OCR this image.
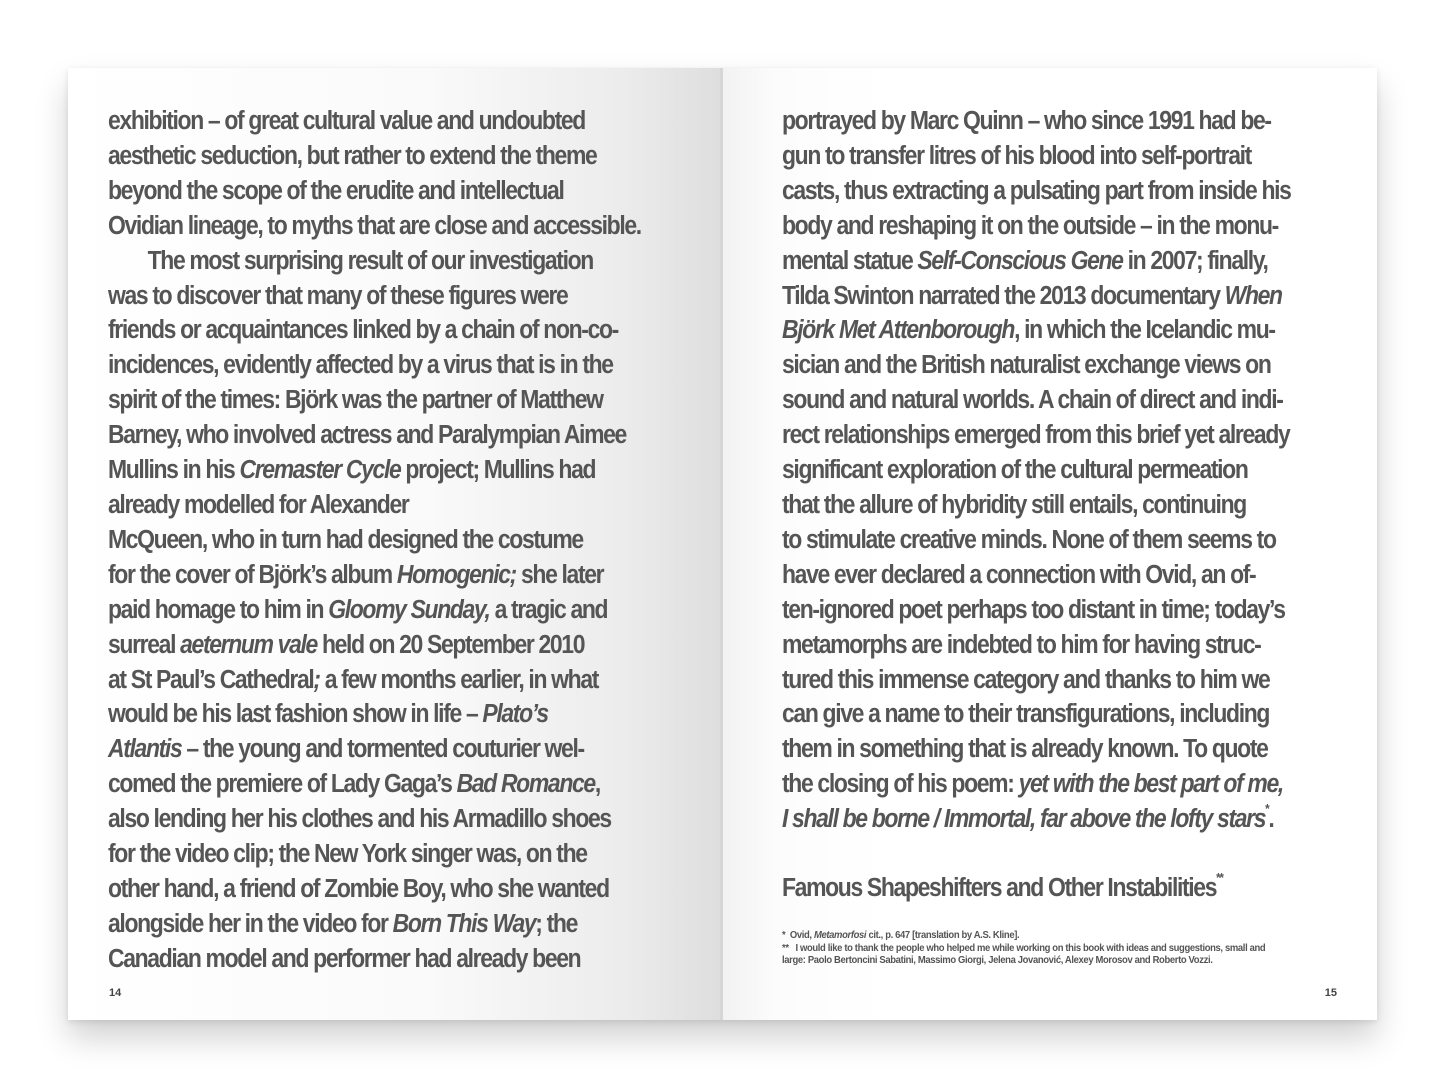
exhibition – of great cultural value and undoubted
aesthetic seduction, but rather to extend the theme
beyond the scope of the erudite and intellectual
Ovidian lineage, to myths that are close and accessible.
The most surprising result of our investigation
was to discover that many of these figures were
friends or acquaintances linked by a chain of non-co-
incidences, evidently affected by a virus that is in the
spirit of the times: Björk was the partner of Matthew
Barney, who involved actress and Paralympian Aimee
Mullins in his Cremaster Cycle project; Mullins had
already modelled for Alexander
McQueen, who in turn had designed the costume
for the cover of Björk’s album Homogenic; she later
paid homage to him in Gloomy Sunday, a tragic and
surreal aeternum vale held on 20 September 2010
at St Paul’s Cathedral; a few months earlier, in what
would be his last fashion show in life – Plato’s
Atlantis – the young and tormented couturier wel-
comed the premiere of Lady Gaga’s Bad Romance,
also lending her his clothes and his Armadillo shoes
for the video clip; the New York singer was, on the
other hand, a friend of Zombie Boy, who she wanted
alongside her in the video for Born This Way; the
Canadian model and performer had already been
14
portrayed by Marc Quinn – who since 1991 had be-
gun to transfer litres of his blood into self-portrait
casts, thus extracting a pulsating part from inside his
body and reshaping it on the outside – in the monu-
mental statue Self-Conscious Gene in 2007; finally,
Tilda Swinton narrated the 2013 documentary When
Björk Met Attenborough, in which the Icelandic mu-
sician and the British naturalist exchange views on
sound and natural worlds. A chain of direct and indi-
rect relationships emerged from this brief yet already
significant exploration of the cultural permeation
that the allure of hybridity still entails, continuing
to stimulate creative minds. None of them seems to
have ever declared a connection with Ovid, an of-
ten-ignored poet perhaps too distant in time; today’s
metamorphs are indebted to him for having struc-
tured this immense category and thanks to him we
can give a name to their transfigurations, including
them in something that is already known. To quote
the closing of his poem: yet with the best part of me,
I shall be borne / Immortal, far above the lofty stars*.
Famous Shapeshifters and Other Instabilities**
* Ovid, Metamorfosi cit., p. 647 [translation by A.S. Kline].
** I would like to thank the people who helped me while working on this book with ideas and suggestions, small and
large: Paolo Bertoncini Sabatini, Massimo Giorgi, Jelena Jovanović, Alexey Morosov and Roberto Vozzi.
15
